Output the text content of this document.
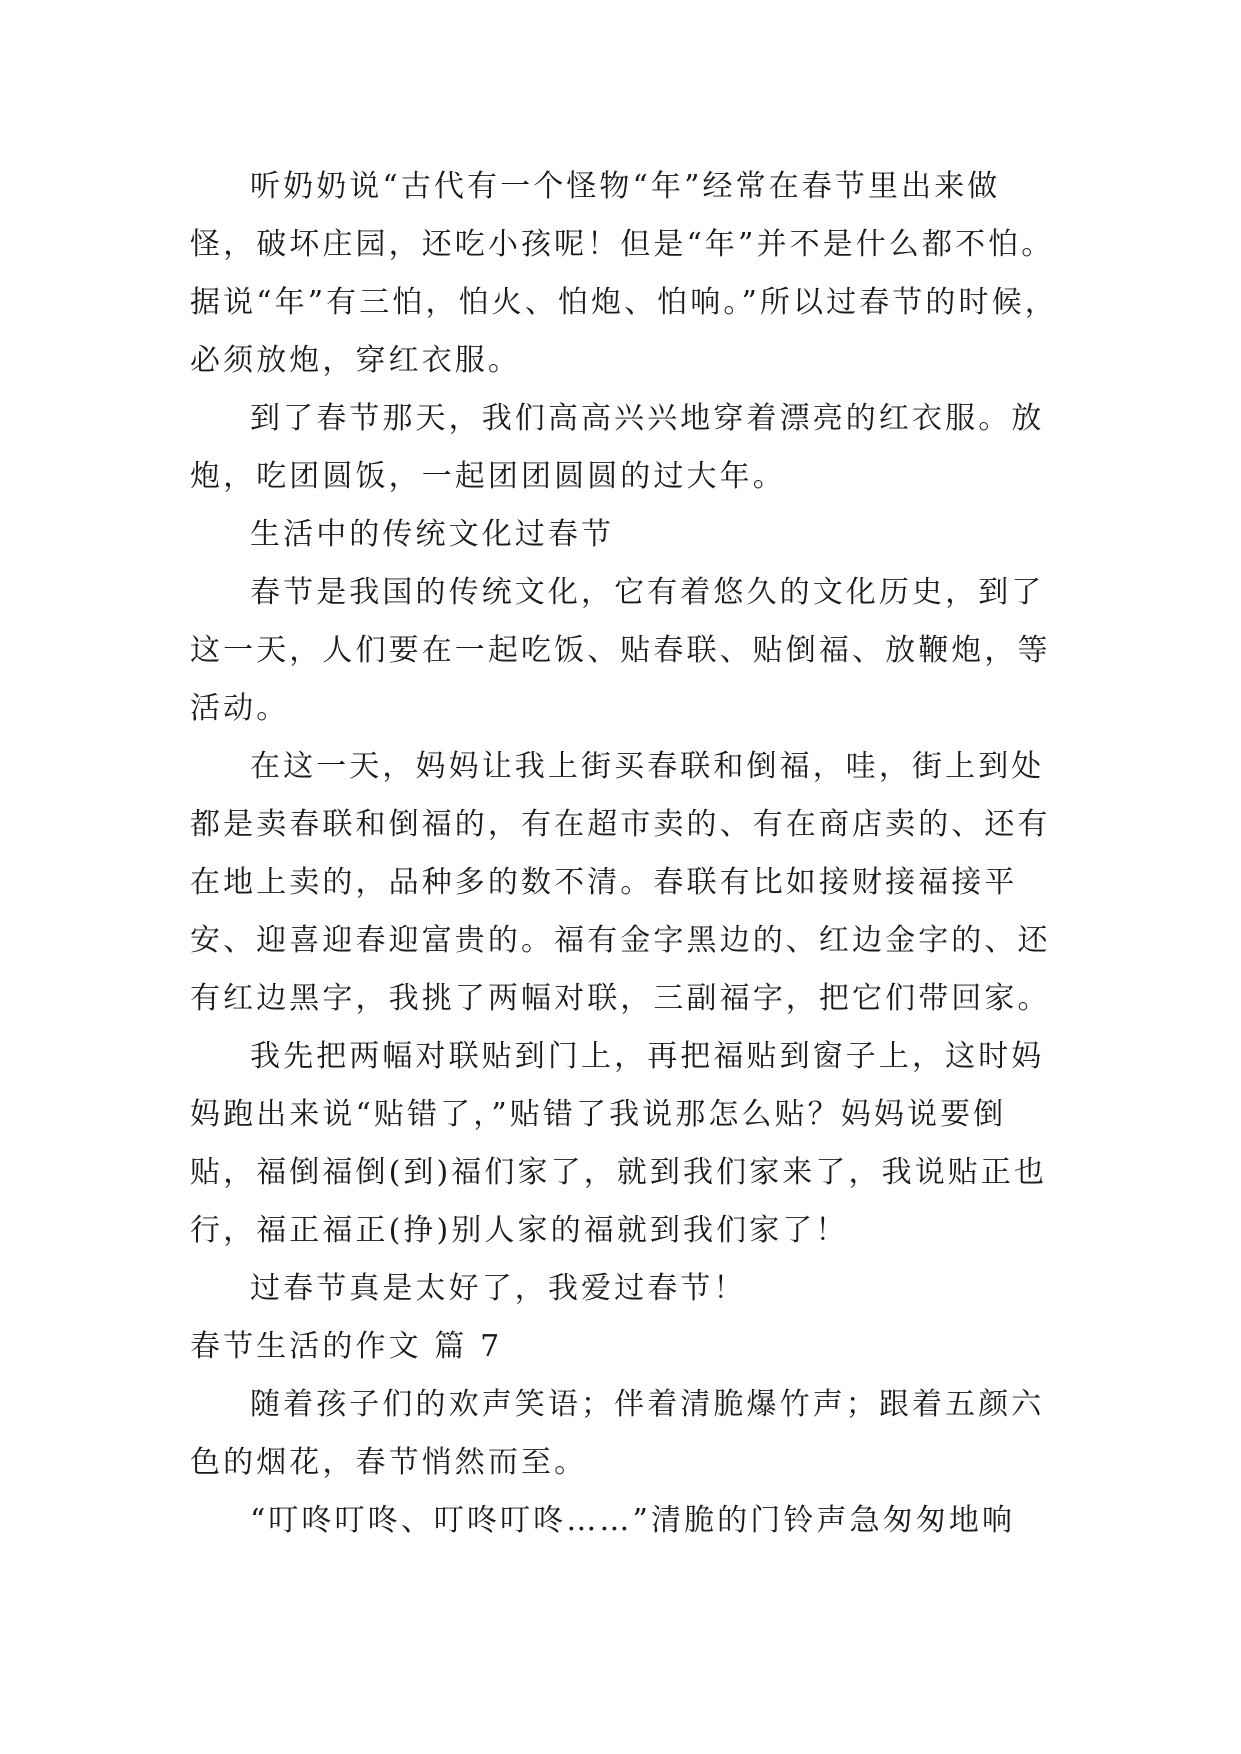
听奶奶说“古代有一个怪物“年”经常在春节里出来做怪，破坏庄园，还吃小孩呢！但是“年”并不是什么都不怕。据说“年”有三怕，怕火、怕炮、怕响。”所以过春节的时候，必须放炮，穿红衣服。

到了春节那天，我们高高兴兴地穿着漂亮的红衣服。放炮，吃团圆饭，一起团团圆圆的过大年。

生活中的传统文化过春节

春节是我国的传统文化，它有着悠久的文化历史，到了这一天，人们要在一起吃饭、贴春联、贴倒福、放鞭炮，等活动。

在这一天，妈妈让我上街买春联和倒福，哇，街上到处都是卖春联和倒福的，有在超市卖的、有在商店卖的、还有在地上卖的，品种多的数不清。春联有比如接财接福接平安、迎喜迎春迎富贵的。福有金字黑边的、红边金字的、还有红边黑字，我挑了两幅对联，三副福字，把它们带回家。

我先把两幅对联贴到门上，再把福贴到窗子上，这时妈妈跑出来说“贴错了，”贴错了我说那怎么贴？妈妈说要倒贴，福倒福倒(到)福们家了，就到我们家来了，我说贴正也行，福正福正(挣)别人家的福就到我们家了！

过春节真是太好了，我爱过春节！

春节生活的作文 篇 7

随着孩子们的欢声笑语；伴着清脆爆竹声；跟着五颜六色的烟花，春节悄然而至。

“叮咚叮咚、叮咚叮咚……”清脆的门铃声急匆匆地响
